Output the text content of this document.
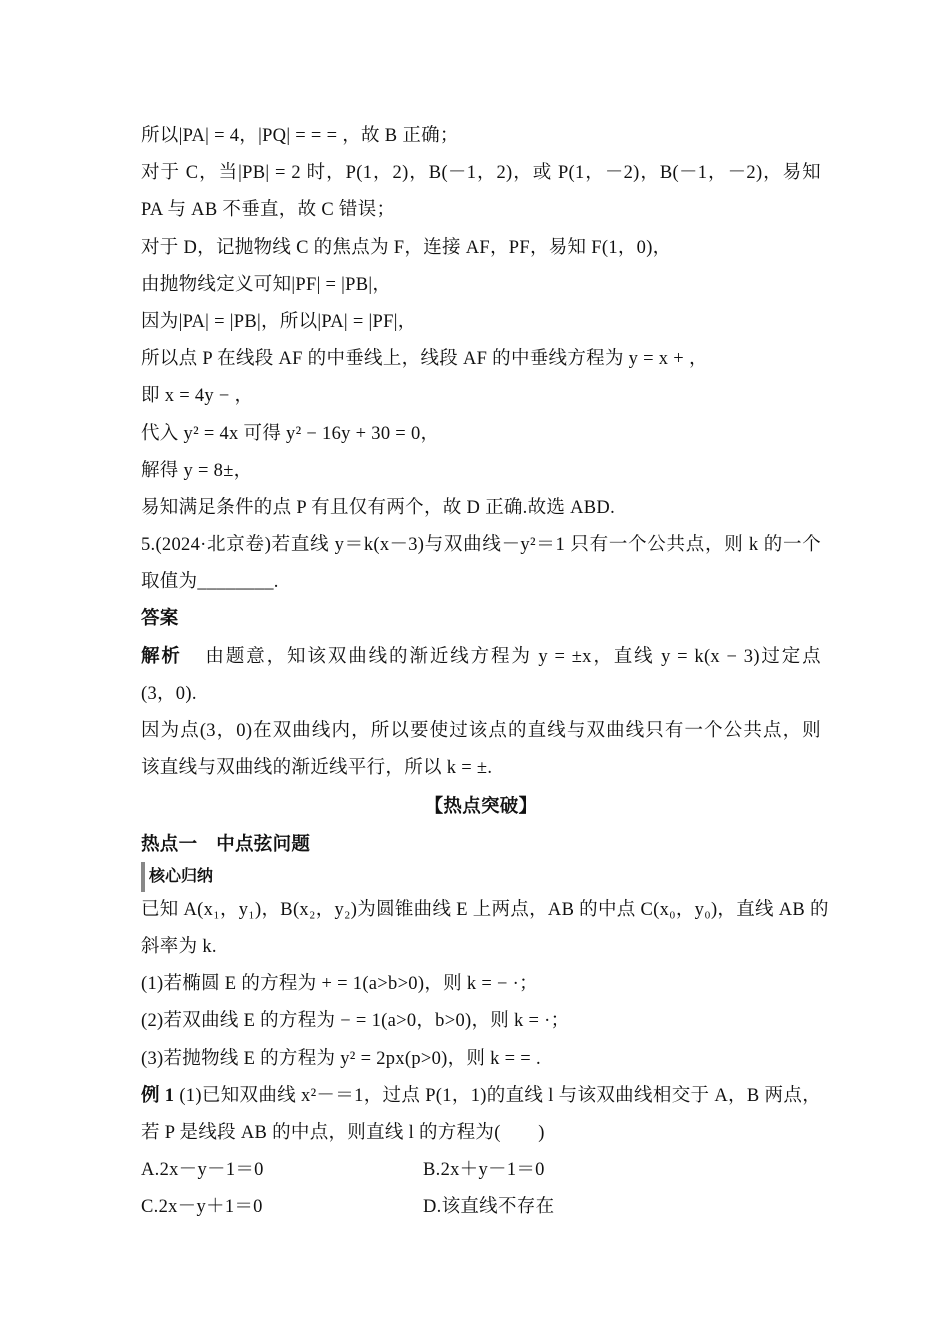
所以|PA| = 4，|PQ| = = = ，故 B 正确；
对于 C，当|PB| = 2 时，P(1，2)，B(－1，2)，或 P(1，－2)，B(－1，－2)，易知
PA 与 AB 不垂直，故 C 错误；
对于 D，记抛物线 C 的焦点为 F，连接 AF，PF，易知 F(1，0)，
由抛物线定义可知|PF| = |PB|，
因为|PA| = |PB|，所以|PA| = |PF|，
所以点 P 在线段 AF 的中垂线上，线段 AF 的中垂线方程为 y = x + ，
即 x = 4y − ，
代入 y² = 4x 可得 y² − 16y + 30 = 0，
解得 y = 8±，
易知满足条件的点 P 有且仅有两个，故 D 正确.故选 ABD.
5.(2024·北京卷)若直线 y＝k(x－3)与双曲线－y²＝1 只有一个公共点，则 k 的一个
取值为________.
答案
解析 由题意，知该双曲线的渐近线方程为 y = ±x，直线 y = k(x − 3)过定点
(3，0).
因为点(3，0)在双曲线内，所以要使过该点的直线与双曲线只有一个公共点，则
该直线与双曲线的渐近线平行，所以 k = ±.
【热点突破】
热点一　中点弦问题
核心归纳
已知 A(x₁，y₁)，B(x₂，y₂)为圆锥曲线 E 上两点，AB 的中点 C(x₀，y₀)，直线 AB 的
斜率为 k.
(1)若椭圆 E 的方程为 + = 1(a>b>0)，则 k = − ·；
(2)若双曲线 E 的方程为 − = 1(a>0，b>0)，则 k = ·；
(3)若抛物线 E 的方程为 y² = 2px(p>0)，则 k = = .
例 1 (1)已知双曲线 x²－＝1，过点 P(1，1)的直线 l 与该双曲线相交于 A，B 两点，
若 P 是线段 AB 的中点，则直线 l 的方程为(　　)
A.2x－y－1＝0	B.2x＋y－1＝0
C.2x－y＋1＝0	D.该直线不存在
